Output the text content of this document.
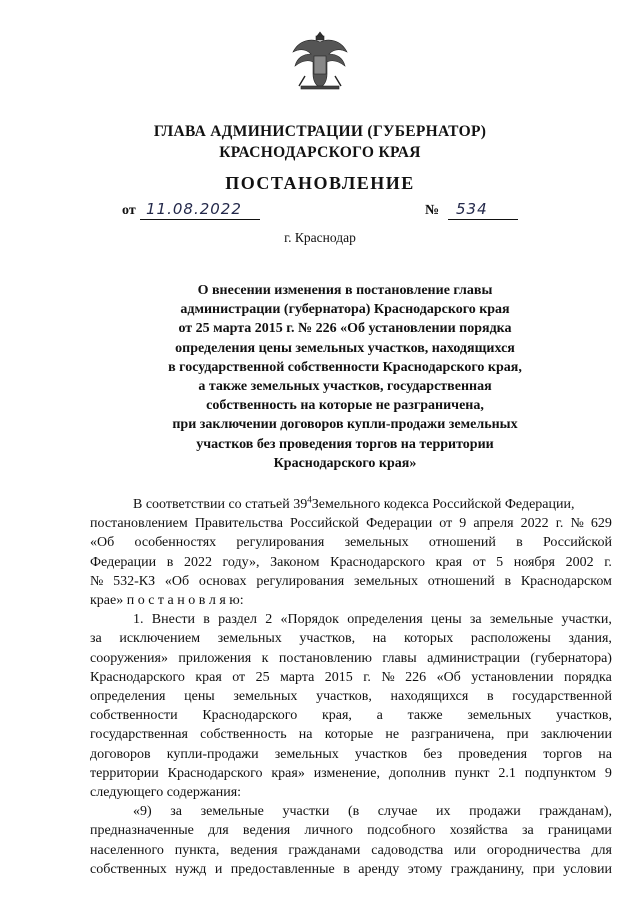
ГЛАВА АДМИНИСТРАЦИИ (ГУБЕРНАТОР)
КРАСНОДАРСКОГО КРАЯ
ПОСТАНОВЛЕНИЕ
от 11.08.2022	№ 534
г. Краснодар
О внесении изменения в постановление главы
администрации (губернатора) Краснодарского края
от 25 марта 2015 г. № 226 «Об установлении порядка
определения цены земельных участков, находящихся
в государственной собственности Краснодарского края,
а также земельных участков, государственная
собственность на которые не разграничена,
при заключении договоров купли-продажи земельных
участков без проведения торгов на территории
Краснодарского края»
В соответствии со статьей $39^4Земельного$ кодекса Российской Федерации,
постановлением Правительства Российской Федерации от 9 апреля 2022 г. № 629
«Об особенностях регулирования земельных отношений в Российской
Федерации в 2022 году», Законом Краснодарского края от 5 ноября 2002 г.
№ 532-КЗ «Об основах регулирования земельных отношений в Краснодарском
крае» п о с т а н о в л я ю:
1. Внести в раздел 2 «Порядок определения цены за земельные участки,
за исключением земельных участков, на которых расположены здания,
сооружения» приложения к постановлению главы администрации (губернатора)
Краснодарского края от 25 марта 2015 г. № 226 «Об установлении порядка
определения цены земельных участков, находящихся в государственной
собственности Краснодарского края, а также земельных участков,
государственная собственность на которые не разграничена, при заключении
договоров купли-продажи земельных участков без проведения торгов на
территории Краснодарского края» изменение, дополнив пункт 2.1 подпунктом 9
следующего содержания:
«9) за земельные участки (в случае их продажи гражданам),
предназначенные для ведения личного подсобного хозяйства за границами
населенного пункта, ведения гражданами садоводства или огородничества для
собственных нужд и предоставленные в аренду этому гражданину, при условии
